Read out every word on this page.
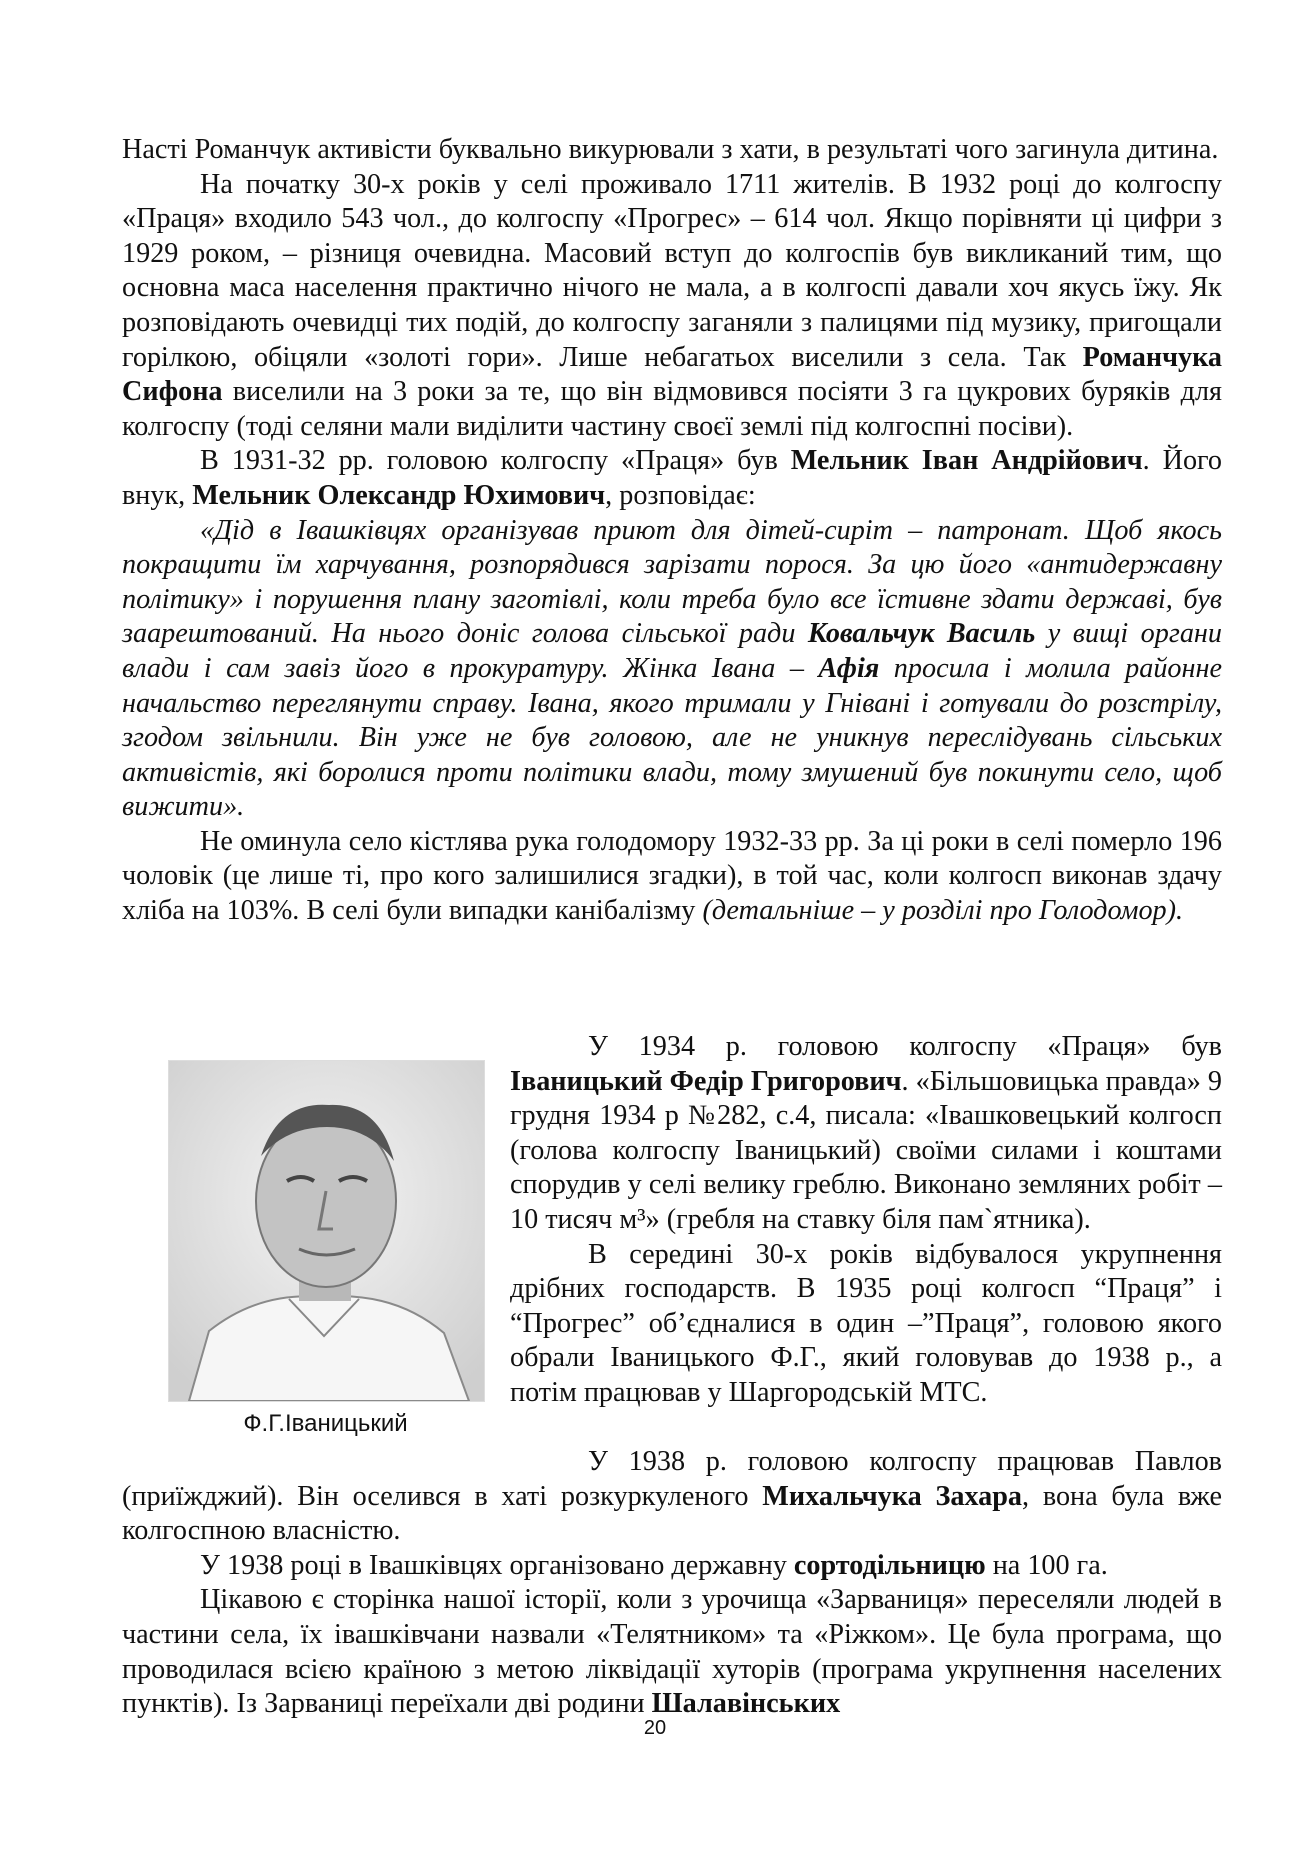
Насті Романчук активісти буквально викурювали з хати, в результаті чого загинула дитина.

На початку 30-х років у селі проживало 1711 жителів. В 1932 році до колгоспу «Праця» входило 543 чол., до колгоспу «Прогрес» – 614 чол. Якщо порівняти ці цифри з 1929 роком, – різниця очевидна. Масовий вступ до колгоспів був викликаний тим, що основна маса населення практично нічого не мала, а в колгоспі давали хоч якусь їжу. Як розповідають очевидці тих подій, до колгоспу заганяли з палицями під музику, пригощали горілкою, обіцяли «золоті гори». Лише небагатьох виселили з села. Так Романчука Сифона виселили на 3 роки за те, що він відмовився посіяти 3 га цукрових буряків для колгоспу (тоді селяни мали виділити частину своєї землі під колгоспні посіви).

В 1931-32 рр. головою колгоспу «Праця» був Мельник Іван Андрійович. Його внук, Мельник Олександр Юхимович, розповідає:

«Дід в Івашківцях організував приют для дітей-сиріт – патронат. Щоб якось покращити їм харчування, розпорядився зарізати порося. За цю його «антидержавну політику» і порушення плану заготівлі, коли треба було все їстивне здати державі, був заарештований. На нього доніс голова сільської ради Ковальчук Василь у вищі органи влади і сам завіз його в прокуратуру. Жінка Івана – Афія просила і молила районне начальство переглянути справу. Івана, якого тримали у Гнівані і готували до розстрілу, згодом звільнили. Він уже не був головою, але не уникнув переслідувань сільських активістів, які боролися проти політики влади, тому змушений був покинути село, щоб вижити».

Не оминула село кістлява рука голодомору 1932-33 рр. За ці роки в селі померло 196 чоловік (це лише ті, про кого залишилися згадки), в той час, коли колгосп виконав здачу хліба на 103%. В селі були випадки канібалізму (детальніше – у розділі про Голодомор).

Ф.Г.Іваницький

У 1934 р. головою колгоспу «Праця» був Іваницький Федір Григорович. «Більшовицька правда» 9 грудня 1934 р №282, с.4, писала: «Івашковецький колгосп (голова колгоспу Іваницький) своїми силами і коштами спорудив у селі велику греблю. Виконано земляних робіт – 10 тисяч м³» (гребля на ставку біля пам`ятника).

В середині 30-х років відбувалося укрупнення дрібних господарств. В 1935 році колгосп “Праця” і “Прогрес” об’єдналися в один –”Праця”, головою якого обрали Іваницького Ф.Г., який головував до 1938 р., а потім працював у Шаргородській МТС.

У 1938 р. головою колгоспу працював Павлов (приїжджий). Він оселився в хаті розкуркуленого Михальчука Захара, вона була вже колгоспною власністю.

У 1938 році в Івашківцях організовано державну сортодільницю на 100 га.

Цікавою є сторінка нашої історії, коли з урочища «Зарваниця» переселяли людей в частини села, їх івашківчани назвали «Телятником» та «Ріжком». Це була програма, що проводилася всією країною з метою ліквідації хуторів (програма укрупнення населених пунктів). Із Зарваниці переїхали дві родини Шалавінських

20
